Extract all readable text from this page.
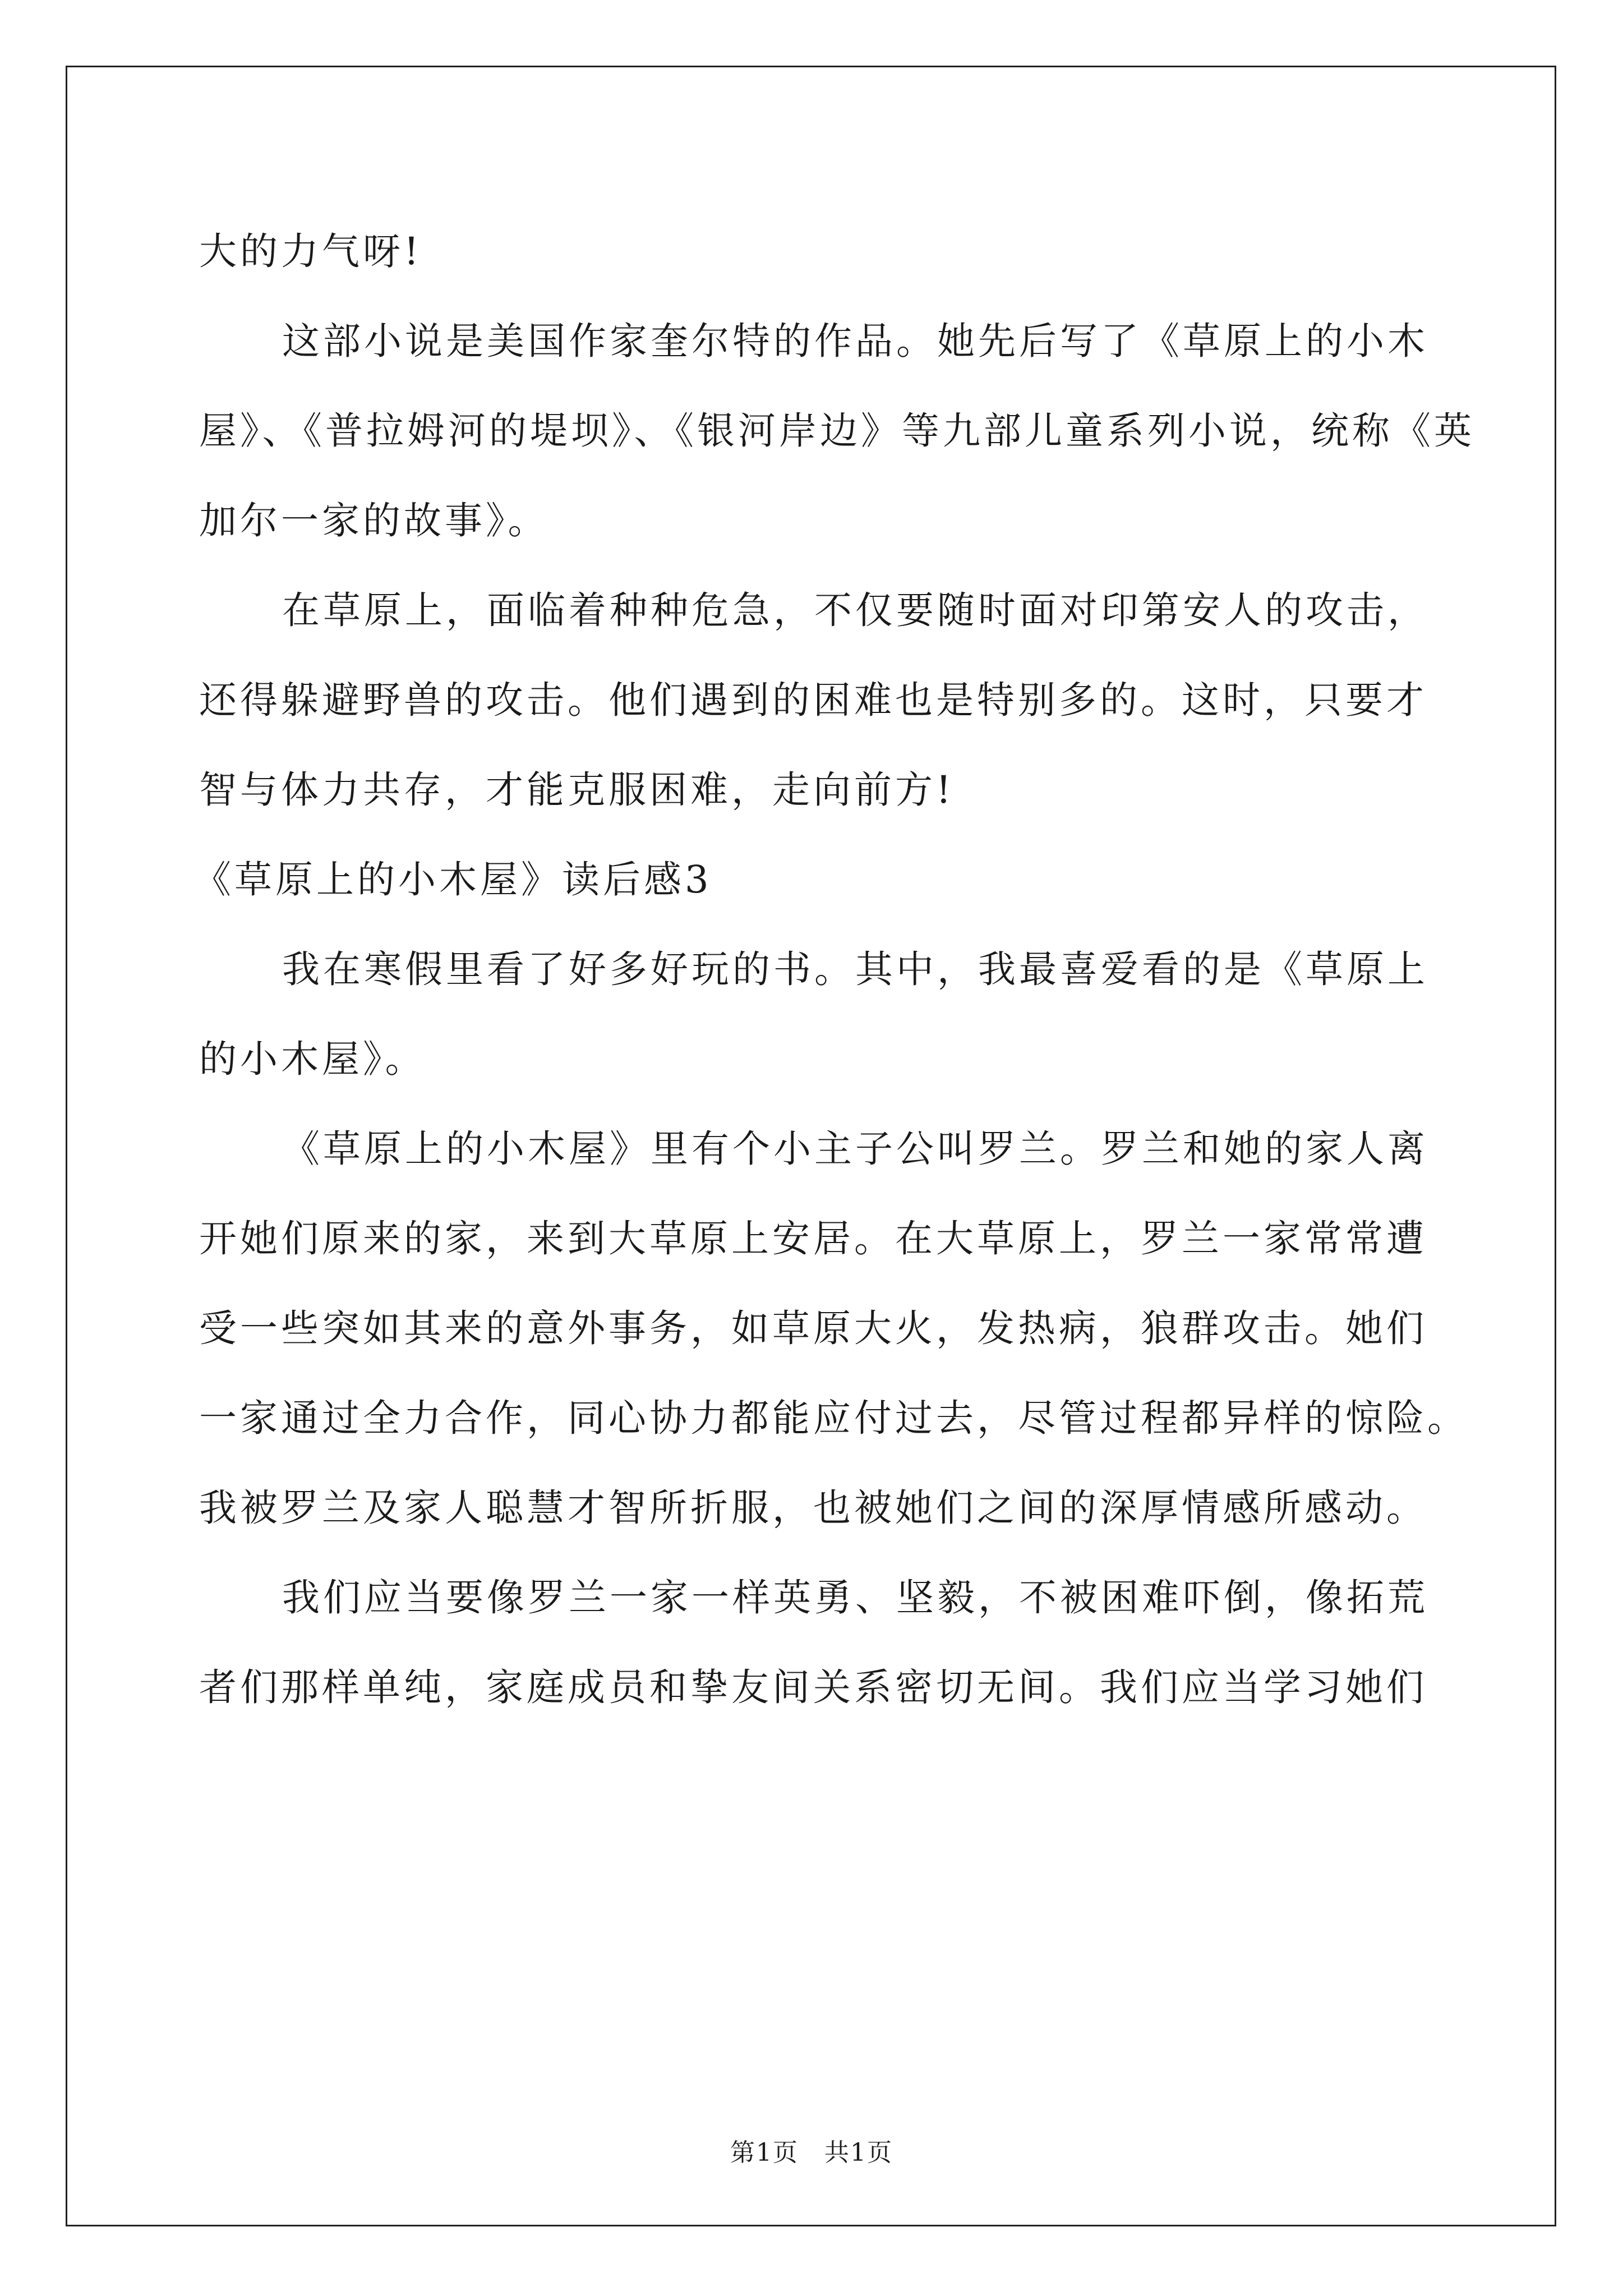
大的力气呀!
这部小说是美国作家奎尔特的作品。她先后写了《草原上的小木
屋》、《普拉姆河的堤坝》、《银河岸边》等九部儿童系列小说，统称《英
加尔一家的故事》。
在草原上，面临着种种危急，不仅要随时面对印第安人的攻击，
还得躲避野兽的攻击。他们遇到的困难也是特别多的。这时，只要才
智与体力共存，才能克服困难，走向前方!
《草原上的小木屋》读后感3
我在寒假里看了好多好玩的书。其中，我最喜爱看的是《草原上
的小木屋》。
《草原上的小木屋》里有个小主子公叫罗兰。罗兰和她的家人离
开她们原来的家，来到大草原上安居。在大草原上，罗兰一家常常遭
受一些突如其来的意外事务，如草原大火，发热病，狼群攻击。她们
一家通过全力合作，同心协力都能应付过去，尽管过程都异样的惊险。
我被罗兰及家人聪慧才智所折服，也被她们之间的深厚情感所感动。
我们应当要像罗兰一家一样英勇、坚毅，不被困难吓倒，像拓荒
者们那样单纯，家庭成员和挚友间关系密切无间。我们应当学习她们
第1页　共1页
